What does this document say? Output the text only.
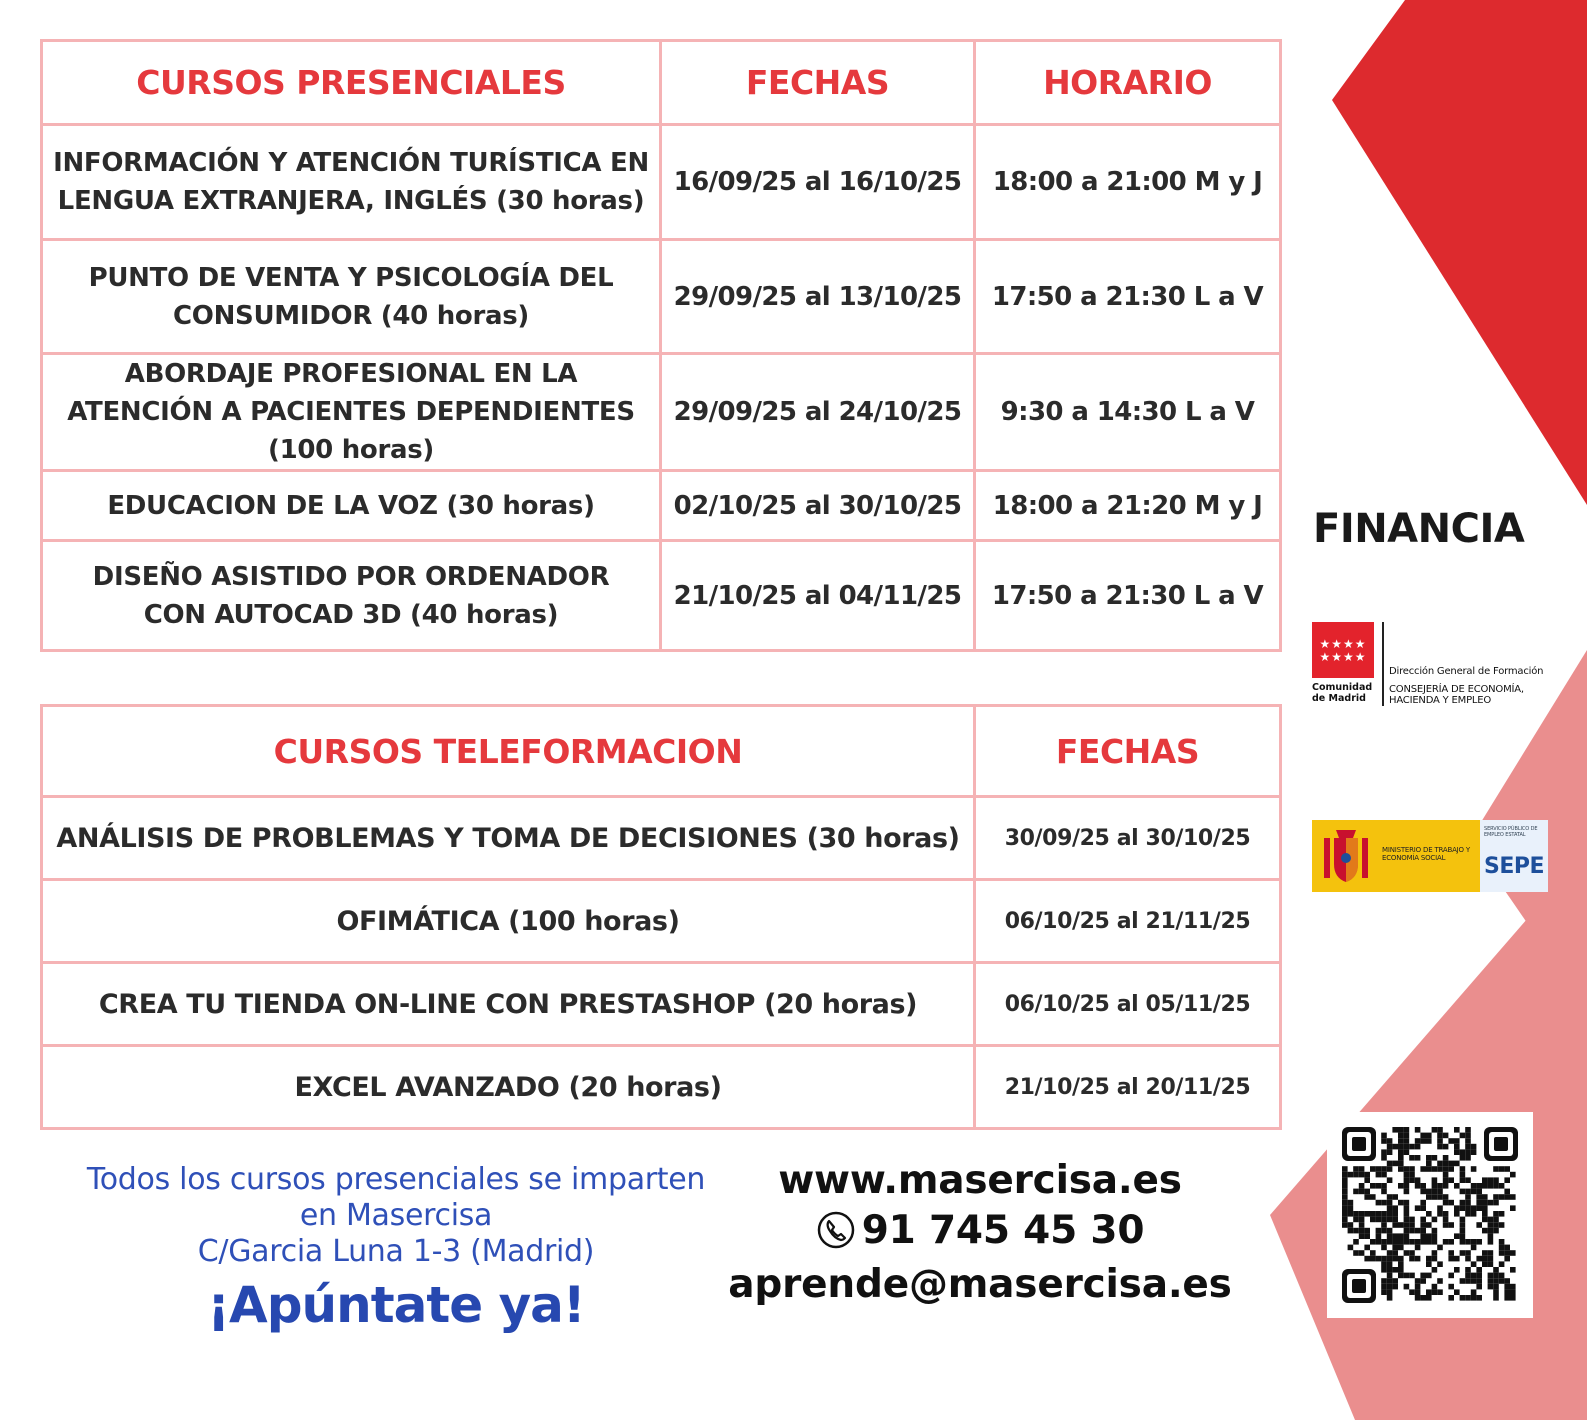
CURSOS PRESENCIALES	FECHAS	HORARIO
INFORMACIÓN Y ATENCIÓN TURÍSTICA EN LENGUA EXTRANJERA, INGLÉS (30 horas)	16/09/25 al 16/10/25	18:00 a 21:00 M y J
PUNTO DE VENTA Y PSICOLOGÍA DEL CONSUMIDOR (40 horas)	29/09/25 al 13/10/25	17:50 a 21:30 L a V
ABORDAJE PROFESIONAL EN LA ATENCIÓN A PACIENTES DEPENDIENTES (100 horas)	29/09/25 al 24/10/25	9:30 a 14:30 L a V
EDUCACION DE LA VOZ (30 horas)	02/10/25 al 30/10/25	18:00 a 21:20 M y J
DISEÑO ASISTIDO POR ORDENADOR CON AUTOCAD 3D (40 horas)	21/10/25 al 04/11/25	17:50 a 21:30 L a V
CURSOS TELEFORMACION	FECHAS
ANÁLISIS DE PROBLEMAS Y TOMA DE DECISIONES (30 horas)	30/09/25 al 30/10/25
OFIMÁTICA (100 horas)	06/10/25 al 21/11/25
CREA TU TIENDA ON-LINE CON PRESTASHOP (20 horas)	06/10/25 al 05/11/25
EXCEL AVANZADO (20 horas)	21/10/25 al 20/11/25
Todos los cursos presenciales se imparten
en Masercisa
C/Garcia Luna 1-3 (Madrid)
¡Apúntate ya!
www.masercisa.es
91 745 45 30
aprende@masercisa.es
FINANCIA
★★★★
★★★★
Comunidad
de Madrid
Dirección General de Formación
CONSEJERÍA DE ECONOMÍA, HACIENDA Y EMPLEO
MINISTERIO DE TRABAJO Y ECONOMÍA SOCIAL
SERVICIO PÚBLICO DE EMPLEO ESTATAL
SEPE
